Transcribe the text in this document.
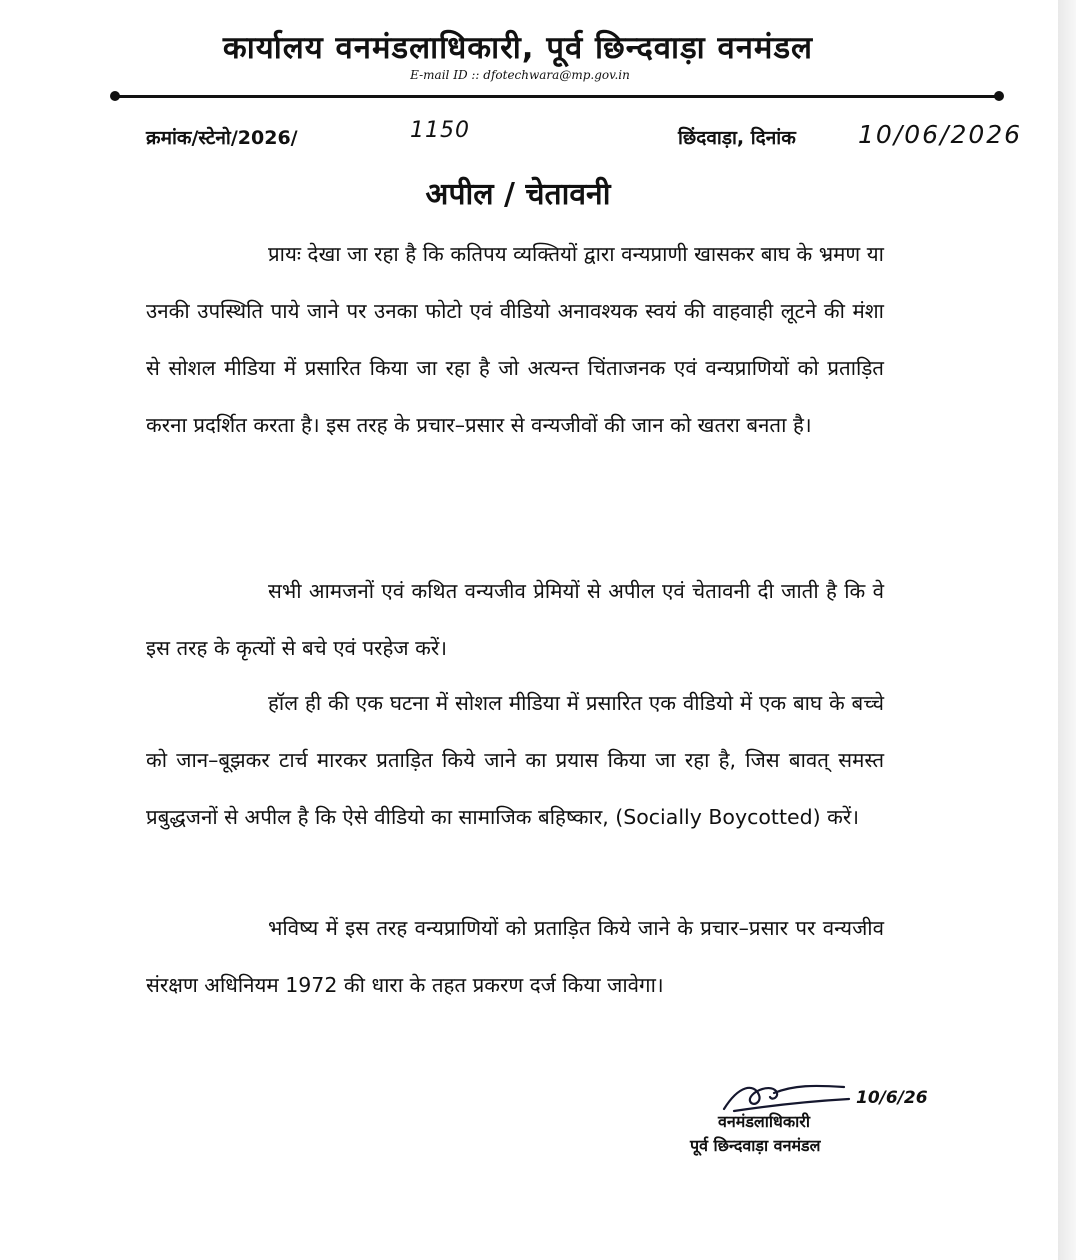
कार्यालय वनमंडलाधिकारी, पूर्व छिन्दवाड़ा वनमंडल
E-mail ID :: dfotechwara@mp.gov.in
क्रमांक/स्टेनो/2026/	1150	छिंदवाड़ा, दिनांक 10/06/2026
अपील / चेतावनी

प्रायः देखा जा रहा है कि कतिपय व्यक्तियों द्वारा वन्यप्राणी खासकर बाघ के भ्रमण या उनकी उपस्थिति पाये जाने पर उनका फोटो एवं वीडियो अनावश्यक स्वयं की वाहवाही लूटने की मंशा से सोशल मीडिया में प्रसारित किया जा रहा है जो अत्यन्त चिंताजनक एवं वन्यप्राणियों को प्रताड़ित करना प्रदर्शित करता है। इस तरह के प्रचार–प्रसार से वन्यजीवों की जान को खतरा बनता है।

सभी आमजनों एवं कथित वन्यजीव प्रेमियों से अपील एवं चेतावनी दी जाती है कि वे इस तरह के कृत्यों से बचे एवं परहेज करें।

हॉल ही की एक घटना में सोशल मीडिया में प्रसारित एक वीडियो में एक बाघ के बच्चे को जान–बूझकर टार्च मारकर प्रताड़ित किये जाने का प्रयास किया जा रहा है, जिस बावत् समस्त प्रबुद्धजनों से अपील है कि ऐसे वीडियो का सामाजिक बहिष्कार, (Socially Boycotted) करें।

भविष्य में इस तरह वन्यप्राणियों को प्रताड़ित किये जाने के प्रचार–प्रसार पर वन्यजीव संरक्षण अधिनियम 1972 की धारा के तहत प्रकरण दर्ज किया जावेगा।

10/6/26
वनमंडलाधिकारी
पूर्व छिन्दवाड़ा वनमंडल
